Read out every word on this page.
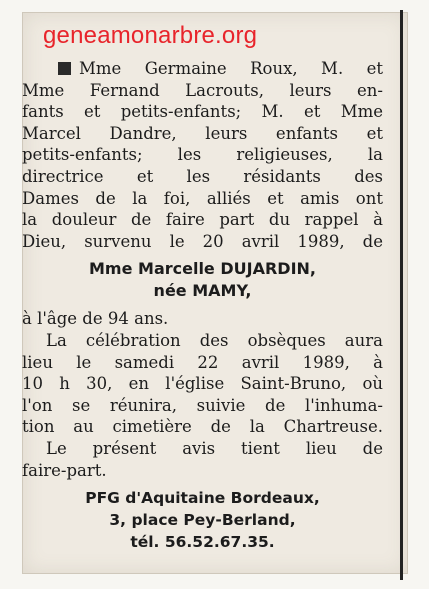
geneamonarbre.org
Mme Germaine Roux, M. et
Mme Fernand Lacrouts, leurs en-
fants et petits-enfants; M. et Mme
Marcel Dandre, leurs enfants et
petits-enfants; les religieuses, la
directrice et les résidants des
Dames de la foi, alliés et amis ont
la douleur de faire part du rappel à
Dieu, survenu le 20 avril 1989, de
Mme Marcelle DUJARDIN,
née MAMY,
à l'âge de 94 ans.
La célébration des obsèques aura
lieu le samedi 22 avril 1989, à
10 h 30, en l'église Saint-Bruno, où
l'on se réunira, suivie de l'inhuma-
tion au cimetière de la Chartreuse.
Le présent avis tient lieu de
faire-part.
PFG d'Aquitaine Bordeaux,
3, place Pey-Berland,
tél. 56.52.67.35.
